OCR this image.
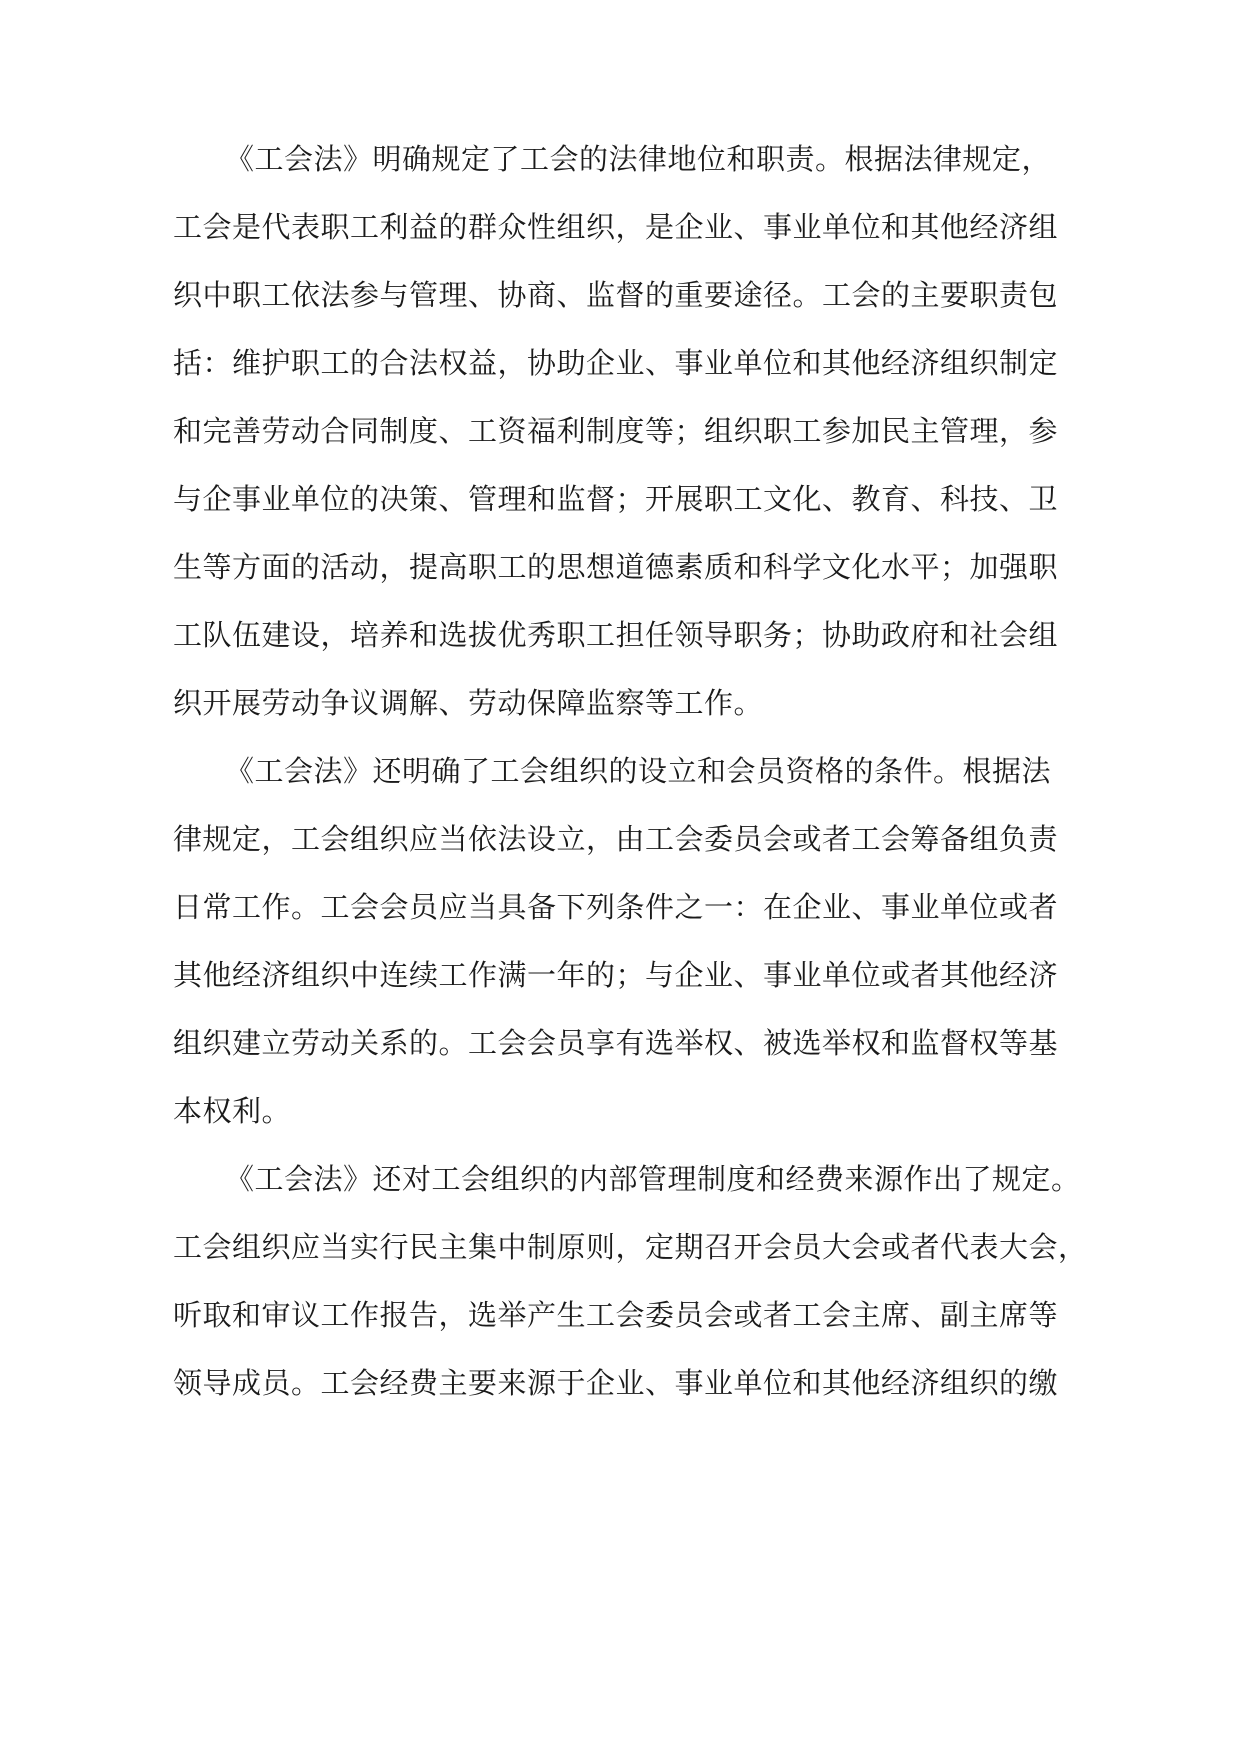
《工会法》明确规定了工会的法律地位和职责。根据法律规定，
工会是代表职工利益的群众性组织，是企业、事业单位和其他经济组
织中职工依法参与管理、协商、监督的重要途径。工会的主要职责包
括：维护职工的合法权益，协助企业、事业单位和其他经济组织制定
和完善劳动合同制度、工资福利制度等；组织职工参加民主管理，参
与企事业单位的决策、管理和监督；开展职工文化、教育、科技、卫
生等方面的活动，提高职工的思想道德素质和科学文化水平；加强职
工队伍建设，培养和选拔优秀职工担任领导职务；协助政府和社会组
织开展劳动争议调解、劳动保障监察等工作。
《工会法》还明确了工会组织的设立和会员资格的条件。根据法
律规定，工会组织应当依法设立，由工会委员会或者工会筹备组负责
日常工作。工会会员应当具备下列条件之一：在企业、事业单位或者
其他经济组织中连续工作满一年的；与企业、事业单位或者其他经济
组织建立劳动关系的。工会会员享有选举权、被选举权和监督权等基
本权利。
《工会法》还对工会组织的内部管理制度和经费来源作出了规定。
工会组织应当实行民主集中制原则，定期召开会员大会或者代表大会，
听取和审议工作报告，选举产生工会委员会或者工会主席、副主席等
领导成员。工会经费主要来源于企业、事业单位和其他经济组织的缴
